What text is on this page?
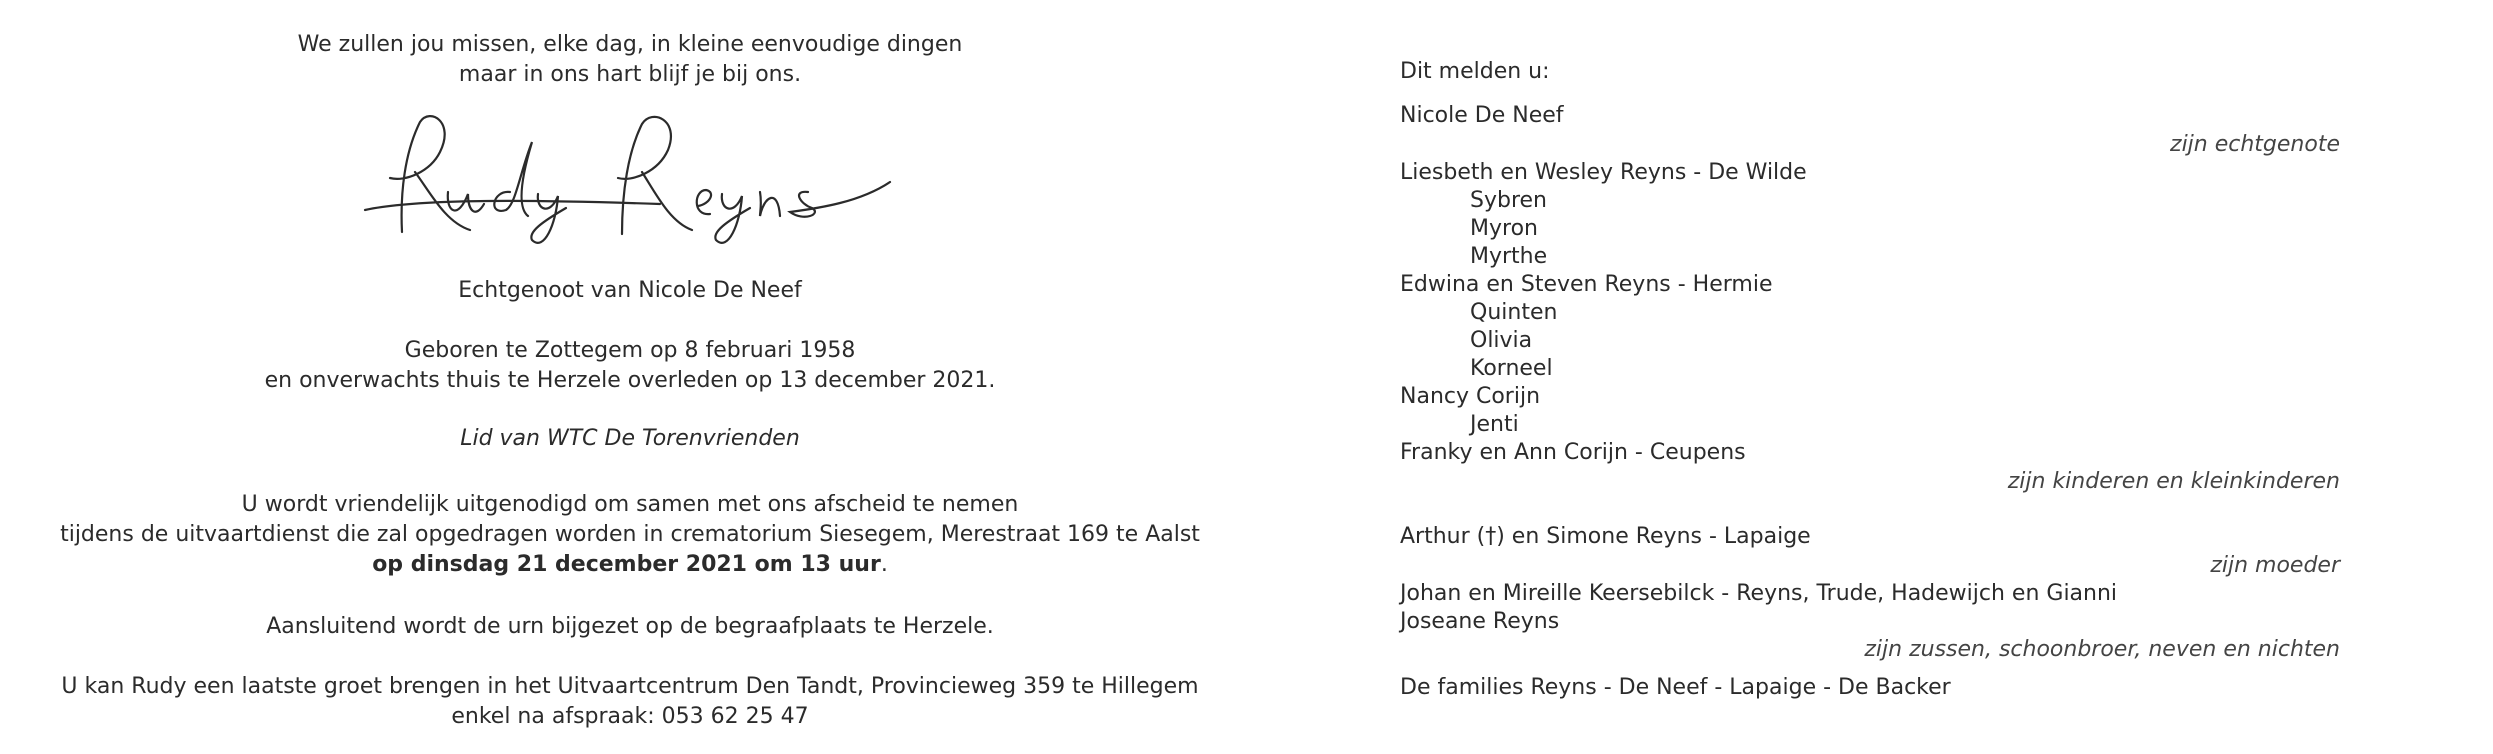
We zullen jou missen, elke dag, in kleine eenvoudige dingen
maar in ons hart blijf je bij ons.
Echtgenoot van Nicole De Neef
Geboren te Zottegem op 8 februari 1958
en onverwachts thuis te Herzele overleden op 13 december 2021.
Lid van WTC De Torenvrienden
U wordt vriendelijk uitgenodigd om samen met ons afscheid te nemen
tijdens de uitvaartdienst die zal opgedragen worden in crematorium Siesegem, Merestraat 169 te Aalst
op dinsdag 21 december 2021 om 13 uur.
Aansluitend wordt de urn bijgezet op de begraafplaats te Herzele.
U kan Rudy een laatste groet brengen in het Uitvaartcentrum Den Tandt, Provincieweg 359 te Hillegem
enkel na afspraak: 053 62 25 47
Dit melden u:
Nicole De Neef
zijn echtgenote
Liesbeth en Wesley Reyns - De Wilde
Sybren
Myron
Myrthe
Edwina en Steven Reyns - Hermie
Quinten
Olivia
Korneel
Nancy Corijn
Jenti
Franky en Ann Corijn - Ceupens
zijn kinderen en kleinkinderen
Arthur (†) en Simone Reyns - Lapaige
zijn moeder
Johan en Mireille Keersebilck - Reyns, Trude, Hadewijch en Gianni
Joseane Reyns
zijn zussen, schoonbroer, neven en nichten
De families Reyns - De Neef - Lapaige - De Backer
